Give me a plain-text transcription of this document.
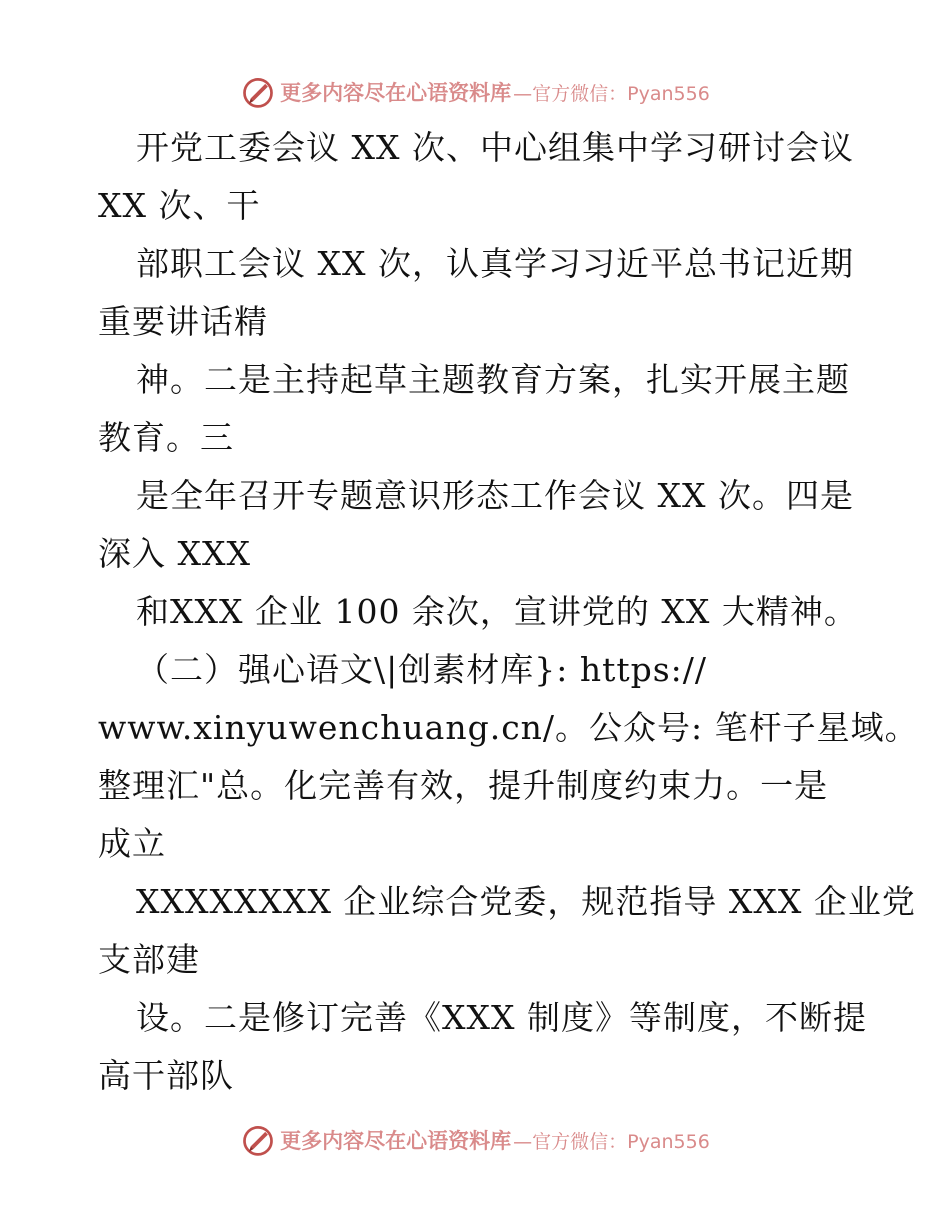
更多内容尽在心语资料库 —官方微信：Pyan556
开党工委会议 XX 次、中心组集中学习研讨会议
XX 次、干
部职工会议 XX 次，认真学习习近平总书记近期
重要讲话精
神。二是主持起草主题教育方案，扎实开展主题
教育。三
是全年召开专题意识形态工作会议 XX 次。四是
深入 XXX
和XXX 企业 100 余次，宣讲党的 XX 大精神。
（二）强心语文\|创素材库}: https://
www.xinyuwenchuang.cn/。公众号: 笔杆子星域。
整理汇"总。化完善有效，提升制度约束力。一是
成立
XXXXXXXX 企业综合党委，规范指导 XXX 企业党
支部建
设。二是修订完善《XXX 制度》等制度，不断提
高干部队
更多内容尽在心语资料库 —官方微信：Pyan556
